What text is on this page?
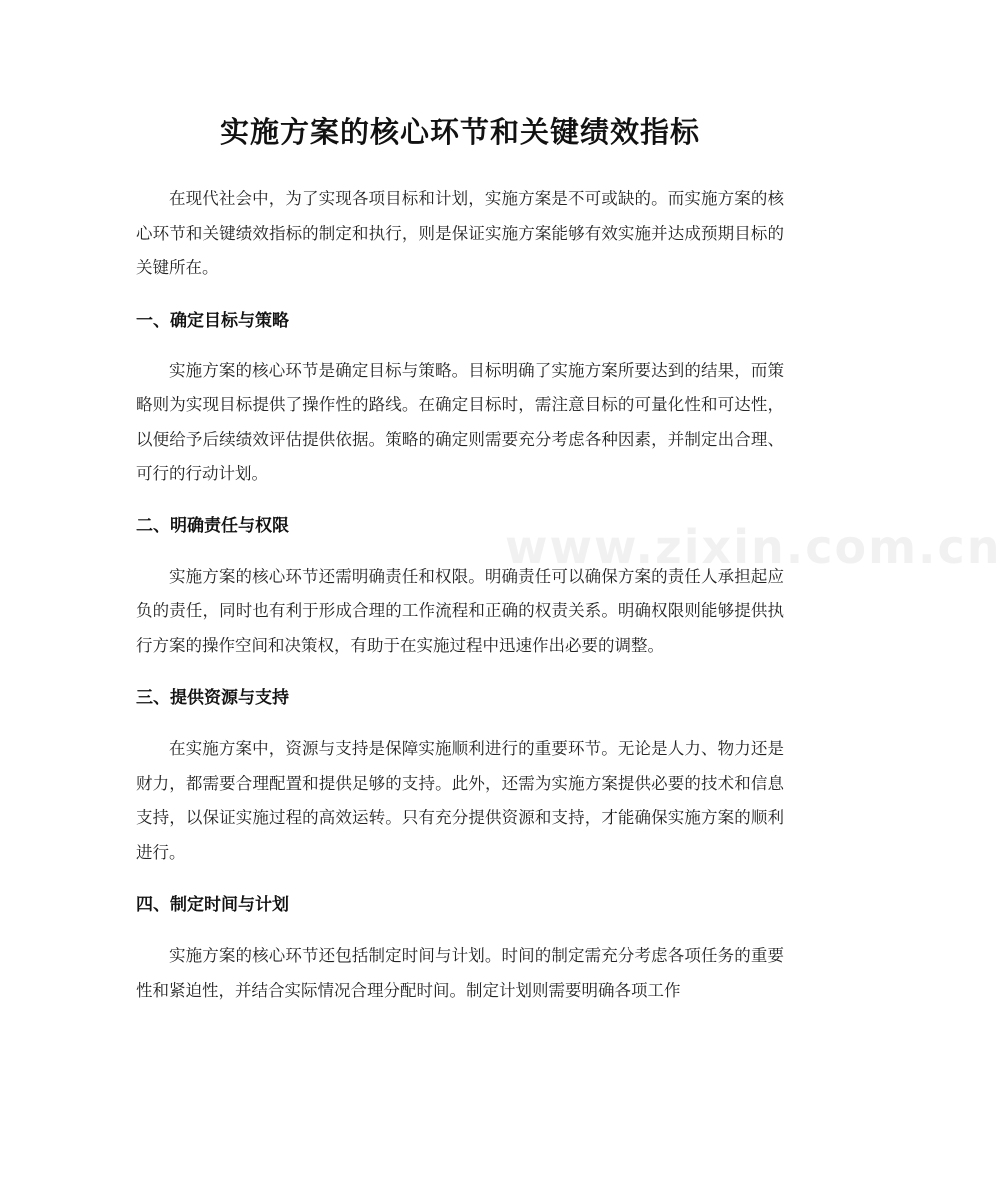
实施方案的核心环节和关键绩效指标

在现代社会中，为了实现各项目标和计划，实施方案是不可或缺的。而实施方案的核心环节和关键绩效指标的制定和执行，则是保证实施方案能够有效实施并达成预期目标的关键所在。

一、确定目标与策略

实施方案的核心环节是确定目标与策略。目标明确了实施方案所要达到的结果，而策略则为实现目标提供了操作性的路线。在确定目标时，需注意目标的可量化性和可达性，以便给予后续绩效评估提供依据。策略的确定则需要充分考虑各种因素，并制定出合理、可行的行动计划。

二、明确责任与权限

实施方案的核心环节还需明确责任和权限。明确责任可以确保方案的责任人承担起应负的责任，同时也有利于形成合理的工作流程和正确的权责关系。明确权限则能够提供执行方案的操作空间和决策权，有助于在实施过程中迅速作出必要的调整。

三、提供资源与支持

在实施方案中，资源与支持是保障实施顺利进行的重要环节。无论是人力、物力还是财力，都需要合理配置和提供足够的支持。此外，还需为实施方案提供必要的技术和信息支持，以保证实施过程的高效运转。只有充分提供资源和支持，才能确保实施方案的顺利进行。

四、制定时间与计划

实施方案的核心环节还包括制定时间与计划。时间的制定需充分考虑各项任务的重要性和紧迫性，并结合实际情况合理分配时间。制定计划则需要明确各项工作

www.zixin.com.cn
